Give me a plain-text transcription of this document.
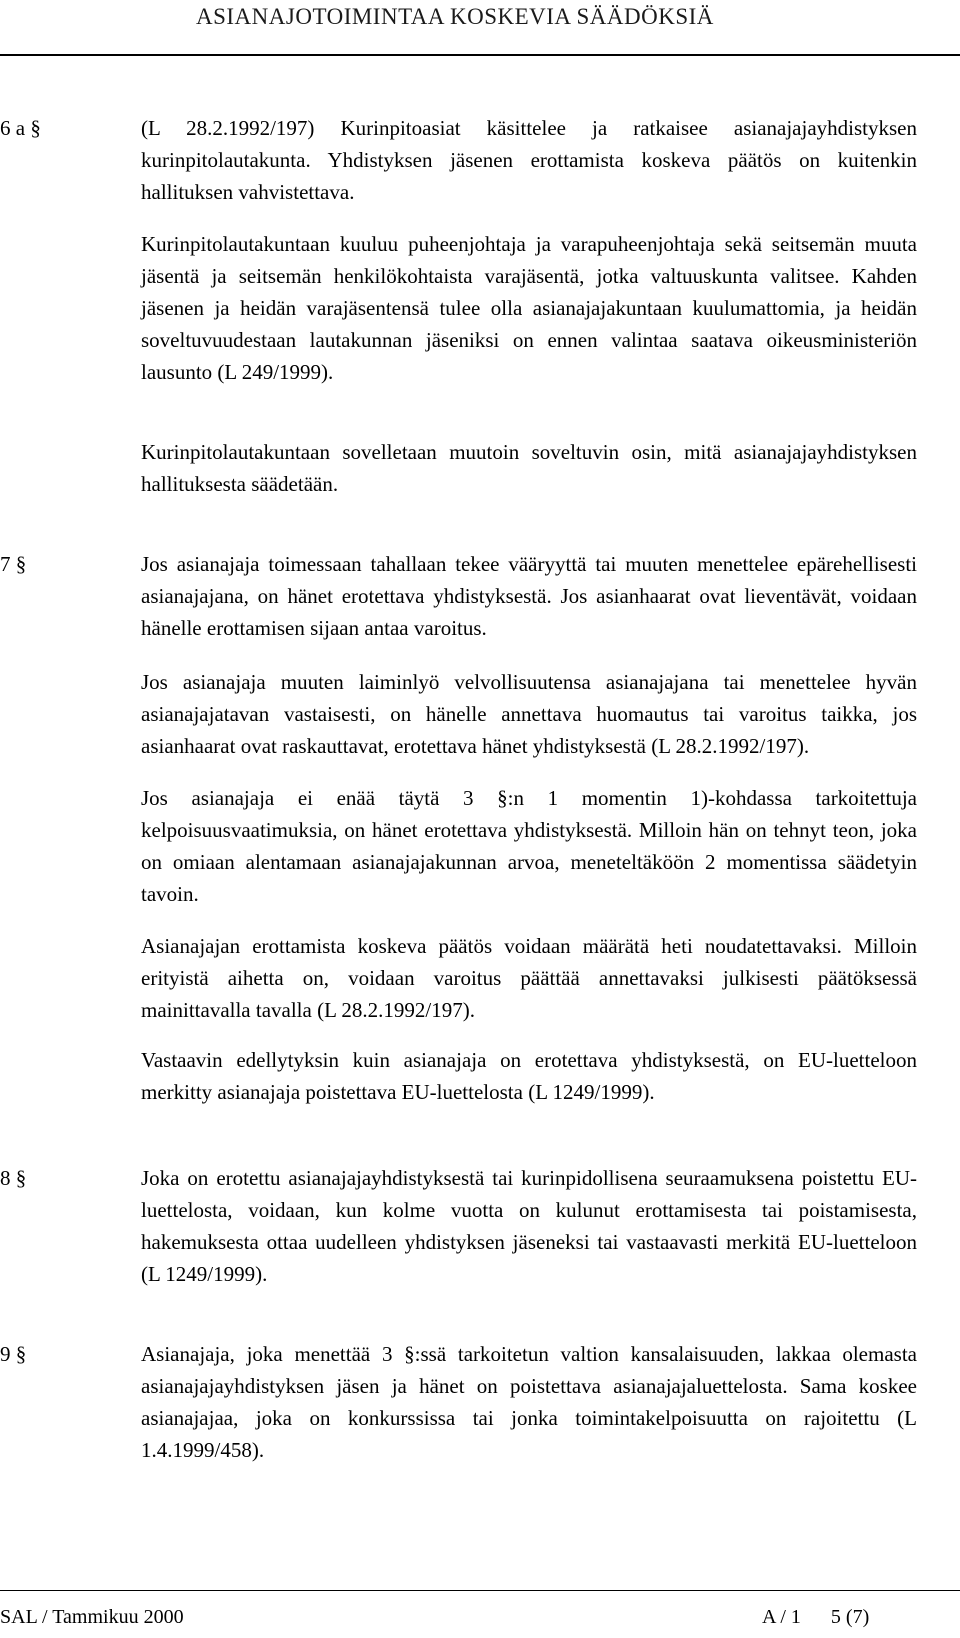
ASIANAJOTOIMINTAA KOSKEVIA SÄÄDÖKSIÄ
6 a §	(L 28.2.1992/197) Kurinpitoasiat käsittelee ja ratkaisee asianajajayhdistyksen kurinpitolautakunta. Yhdistyksen jäsenen erottamista koskeva päätös on kuitenkin hallituksen vahvistettava.

Kurinpitolautakuntaan kuuluu puheenjohtaja ja varapuheenjohtaja sekä seitsemän muuta jäsentä ja seitsemän henkilökohtaista varajäsentä, jotka valtuuskunta valitsee. Kahden jäsenen ja heidän varajäsentensä tulee olla asianajajakuntaan kuulumattomia, ja heidän soveltuvuudestaan lautakunnan jäseniksi on ennen valintaa saatava oikeusministeriön lausunto (L 249/1999).

Kurinpitolautakuntaan sovelletaan muutoin soveltuvin osin, mitä asianajajayhdistyksen hallituksesta säädetään.

7 §	Jos asianajaja toimessaan tahallaan tekee vääryyttä tai muuten menettelee epärehellisesti asianajajana, on hänet erotettava yhdistyksestä. Jos asianhaarat ovat lieventävät, voidaan hänelle erottamisen sijaan antaa varoitus.

Jos asianajaja muuten laiminlyö velvollisuutensa asianajajana tai menettelee hyvän asianajajatavan vastaisesti, on hänelle annettava huomautus tai varoitus taikka, jos asianhaarat ovat raskauttavat, erotettava hänet yhdistyksestä (L 28.2.1992/197).

Jos asianajaja ei enää täytä 3 §:n 1 momentin 1)-kohdassa tarkoitettuja kelpoisuusvaatimuksia, on hänet erotettava yhdistyksestä. Milloin hän on tehnyt teon, joka on omiaan alentamaan asianajajakunnan arvoa, meneteltäköön 2 momentissa säädetyin tavoin.

Asianajajan erottamista koskeva päätös voidaan määrätä heti noudatettavaksi. Milloin erityistä aihetta on, voidaan varoitus päättää annettavaksi julkisesti päätöksessä mainittavalla tavalla (L 28.2.1992/197).

Vastaavin edellytyksin kuin asianajaja on erotettava yhdistyksestä, on EU-luetteloon merkitty asianajaja poistettava EU-luettelosta (L 1249/1999).

8 §	Joka on erotettu asianajajayhdistyksestä tai kurinpidollisena seuraamuksena poistettu EU-luettelosta, voidaan, kun kolme vuotta on kulunut erottamisesta tai poistamisesta, hakemuksesta ottaa uudelleen yhdistyksen jäseneksi tai vastaavasti merkitä EU-luetteloon (L 1249/1999).

9 §	Asianajaja, joka menettää 3 §:ssä tarkoitetun valtion kansalaisuuden, lakkaa olemasta asianajajayhdistyksen jäsen ja hänet on poistettava asianajajaluettelosta. Sama koskee asianajajaa, joka on konkurssissa tai jonka toimintakelpoisuutta on rajoitettu (L 1.4.1999/458).

SAL / Tammikuu 2000	A / 1 5 (7)
